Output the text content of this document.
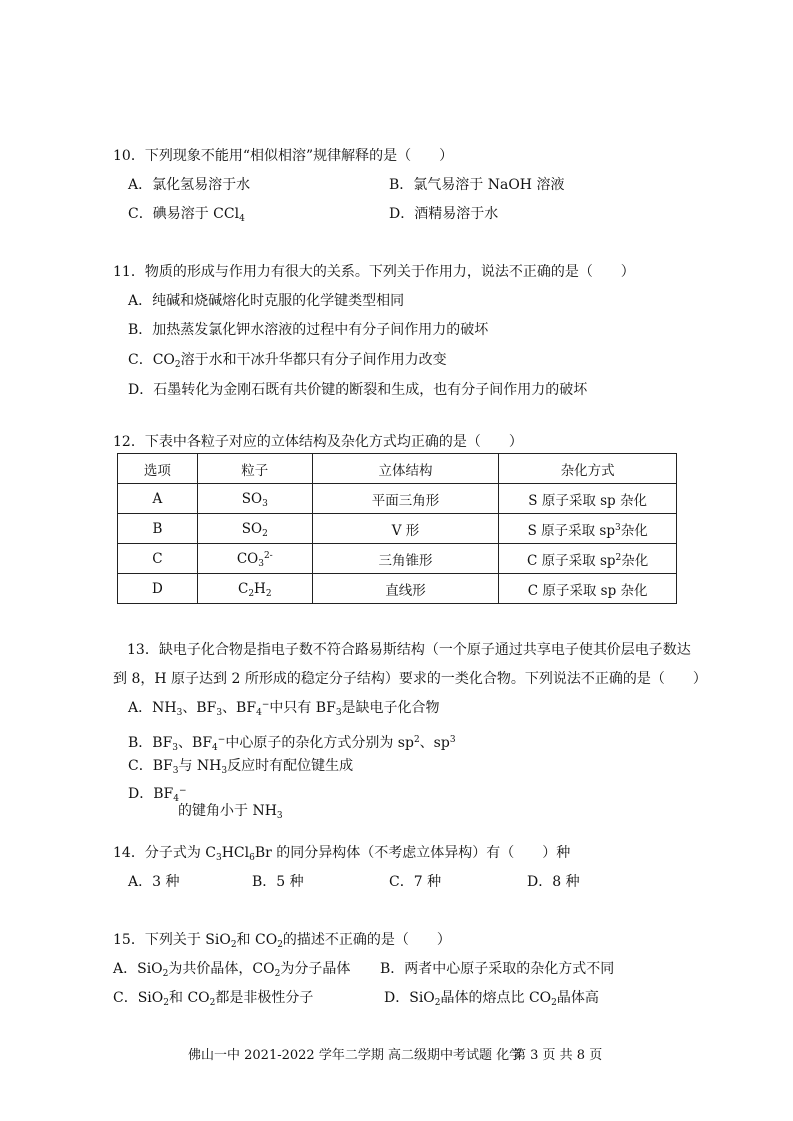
10．下列现象不能用“相似相溶”规律解释的是（　　）
A．氯化氢易溶于水	B．氯气易溶于 NaOH 溶液
C．碘易溶于 CCl$_4$	D．酒精易溶于水
11．物质的形成与作用力有很大的关系。下列关于作用力，说法不正确的是（　　）
A．纯碱和烧碱熔化时克服的化学键类型相同
B．加热蒸发氯化钾水溶液的过程中有分子间作用力的破坏
C．$CO_2$溶于水和干冰升华都只有分子间作用力改变
D．石墨转化为金刚石既有共价键的断裂和生成，也有分子间作用力的破坏
12．下表中各粒子对应的立体结构及杂化方式均正确的是（　　）
选项	粒子	立体结构	杂化方式
A	$SO_3$	平面三角形	S 原子采取 sp 杂化
B	$SO_2$	V 形	S 原子采取 $sp^3$杂化
C	$CO_3^{2-}$	三角锥形	C 原子采取 $sp^2$杂化
D	$C_2H_2$	直线形	C 原子采取 sp 杂化
13．缺电子化合物是指电子数不符合路易斯结构（一个原子通过共享电子使其价层电子数达
到 8，H 原子达到 2 所形成的稳定分子结构）要求的一类化合物。下列说法不正确的是（　　）
A．$NH_3$、$BF_3$、$BF_4^-$中只有 $BF_3$是缺电子化合物
B．$BF_3$、$BF_4^-$中心原子的杂化方式分别为 $sp^2$、$sp^3$
C．$BF_3$与 $NH_3$反应时有配位键生成
D．$BF_4^-$
的键角小于 $NH_3$
14．分子式为 $C_3HCl_6Br$ 的同分异构体（不考虑立体异构）有（　　）种
A．3 种	B．5 种	C．7 种	D．8 种
15．下列关于 SiO$_2$和 $CO_2$的描述不正确的是（　　）
A．SiO$_2$为共价晶体，$CO_2$为分子晶体 B．两者中心原子采取的杂化方式不同
C．SiO$_2$和 $CO_2$都是非极性分子	D．SiO$_2$晶体的熔点比 $CO_2$晶体高
佛山一中 2021-2022 学年二学期 高二级期中考试题 化学
第 3 页 共 8 页
